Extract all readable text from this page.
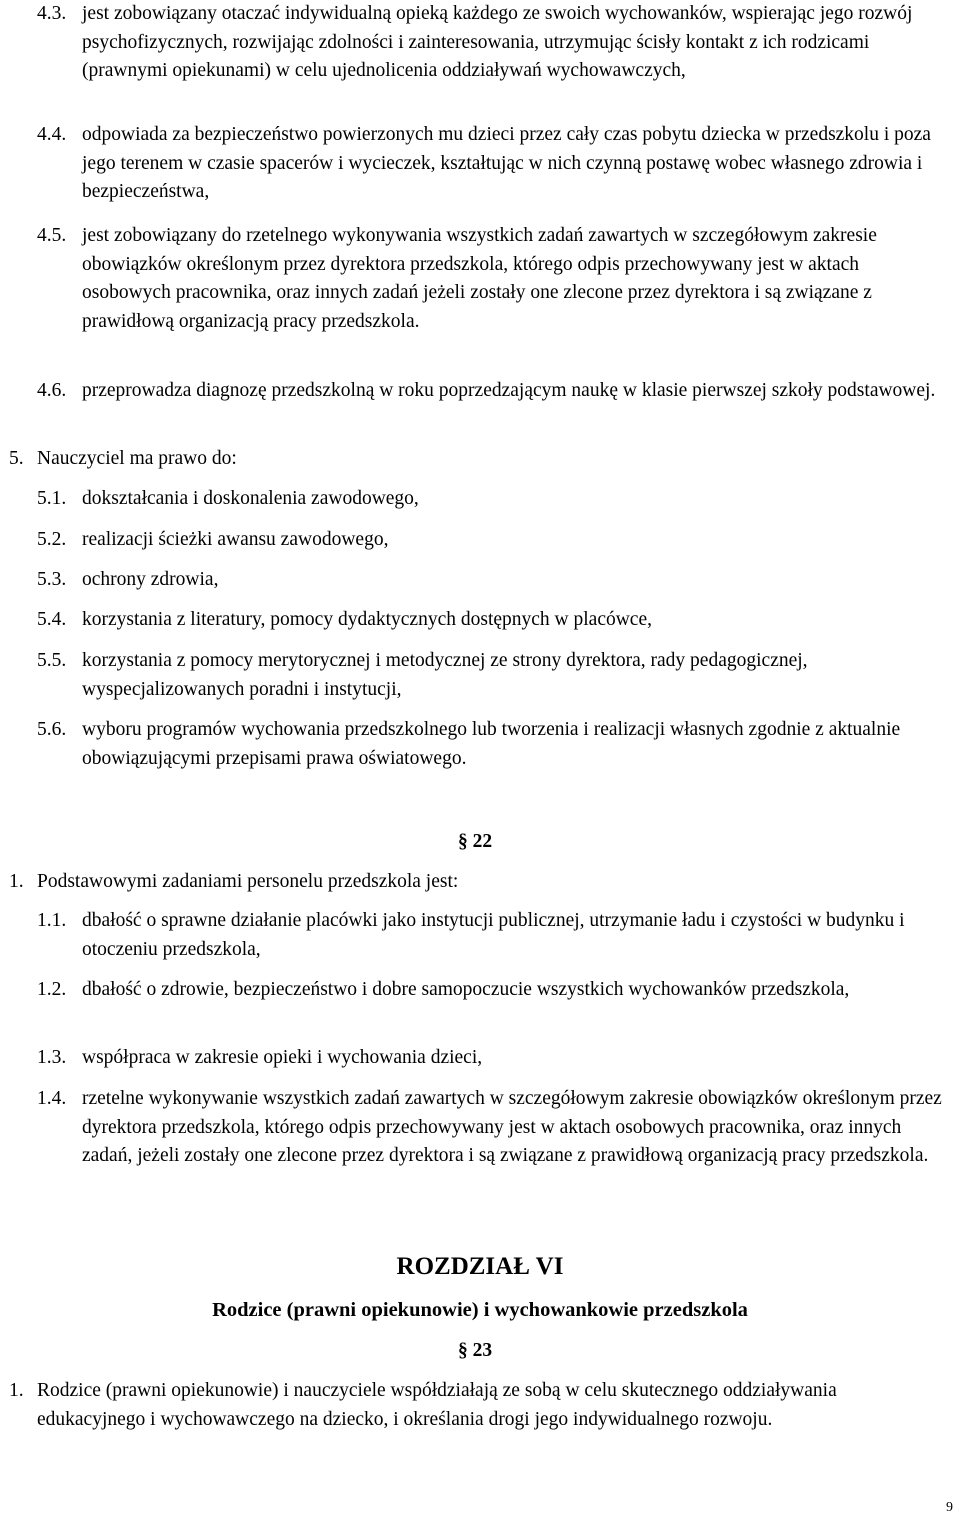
4.3. jest zobowiązany otaczać indywidualną opieką każdego ze swoich wychowanków, wspierając jego rozwój psychofizycznych, rozwijając zdolności i zainteresowania, utrzymując ścisły kontakt z ich rodzicami (prawnymi opiekunami) w celu ujednolicenia oddziaływań wychowawczych,
4.4. odpowiada za bezpieczeństwo powierzonych mu dzieci przez cały czas pobytu dziecka w przedszkolu i poza jego terenem w czasie spacerów i wycieczek, kształtując w nich czynną postawę wobec własnego zdrowia i bezpieczeństwa,
4.5. jest zobowiązany do rzetelnego wykonywania wszystkich zadań zawartych w szczegółowym zakresie obowiązków określonym przez dyrektora przedszkola, którego odpis przechowywany jest w aktach osobowych pracownika, oraz innych zadań jeżeli zostały one zlecone przez dyrektora i są związane z prawidłową organizacją pracy przedszkola.
4.6. przeprowadza diagnozę przedszkolną w roku poprzedzającym naukę w klasie pierwszej szkoły podstawowej.
5. Nauczyciel ma prawo do:
5.1. dokształcania i doskonalenia zawodowego,
5.2. realizacji ścieżki awansu zawodowego,
5.3. ochrony zdrowia,
5.4. korzystania z literatury, pomocy dydaktycznych dostępnych w placówce,
5.5. korzystania z pomocy merytorycznej i metodycznej ze strony dyrektora, rady pedagogicznej, wyspecjalizowanych poradni i instytucji,
5.6. wyboru programów wychowania przedszkolnego lub tworzenia i realizacji własnych zgodnie z aktualnie obowiązującymi przepisami prawa oświatowego.
§ 22
1. Podstawowymi zadaniami personelu przedszkola jest:
1.1. dbałość o sprawne działanie placówki jako instytucji publicznej, utrzymanie ładu i czystości w budynku i otoczeniu przedszkola,
1.2. dbałość o zdrowie, bezpieczeństwo i dobre samopoczucie wszystkich wychowanków przedszkola,
1.3. współpraca w zakresie opieki i wychowania dzieci,
1.4. rzetelne wykonywanie wszystkich zadań zawartych w szczegółowym zakresie obowiązków określonym przez dyrektora przedszkola, którego odpis przechowywany jest w aktach osobowych pracownika, oraz innych zadań, jeżeli zostały one zlecone przez dyrektora i są związane z prawidłową organizacją pracy przedszkola.
ROZDZIAŁ VI
Rodzice (prawni opiekunowie) i wychowankowie przedszkola
§ 23
1. Rodzice (prawni opiekunowie) i nauczyciele współdziałają ze sobą w celu skutecznego oddziaływania edukacyjnego i wychowawczego na dziecko, i określania drogi jego indywidualnego rozwoju.
9
